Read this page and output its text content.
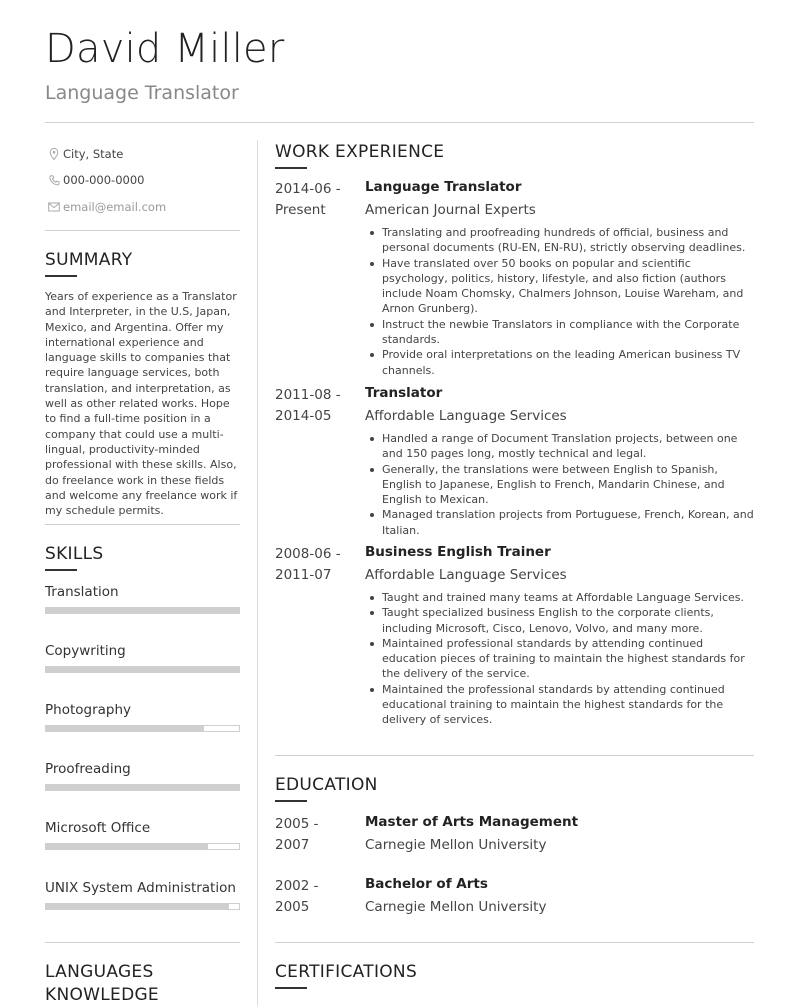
David Miller
Language Translator
City, State
000-000-0000
email@email.com
SUMMARY

Years of experience as a Translator and Interpreter, in the U.S, Japan, Mexico, and Argentina. Offer my international experience and language skills to companies that require language services, both translation, and interpretation, as well as other related works. Hope to find a full-time position in a company that could use a multi-lingual, productivity-minded professional with these skills. Also, do freelance work in these fields and welcome any freelance work if my schedule permits.

SKILLS
Translation
Copywriting
Photography
Proofreading
Microsoft Office
UNIX System Administration
LANGUAGES
KNOWLEDGE
WORK EXPERIENCE
2014-06 -
Present
Language Translator
American Journal Experts
Translating and proofreading hundreds of official, business and personal documents (RU-EN, EN-RU), strictly observing deadlines.
Have translated over 50 books on popular and scientific psychology, politics, history, lifestyle, and also fiction (authors include Noam Chomsky, Chalmers Johnson, Louise Wareham, and Arnon Grunberg).
Instruct the newbie Translators in compliance with the Corporate standards.
Provide oral interpretations on the leading American business TV channels.
2011-08 -
2014-05
Translator
Affordable Language Services
Handled a range of Document Translation projects, between one and 150 pages long, mostly technical and legal.
Generally, the translations were between English to Spanish, English to Japanese, English to French, Mandarin Chinese, and English to Mexican.
Managed translation projects from Portuguese, French, Korean, and Italian.
2008-06 -
2011-07
Business English Trainer
Affordable Language Services
Taught and trained many teams at Affordable Language Services.
Taught specialized business English to the corporate clients, including Microsoft, Cisco, Lenovo, Volvo, and many more.
Maintained professional standards by attending continued education pieces of training to maintain the highest standards for the delivery of the service.
Maintained the professional standards by attending continued educational training to maintain the highest standards for the delivery of services.
EDUCATION
2005 - 2007
Master of Arts Management
Carnegie Mellon University
2002 - 2005
Bachelor of Arts
Carnegie Mellon University
CERTIFICATIONS
